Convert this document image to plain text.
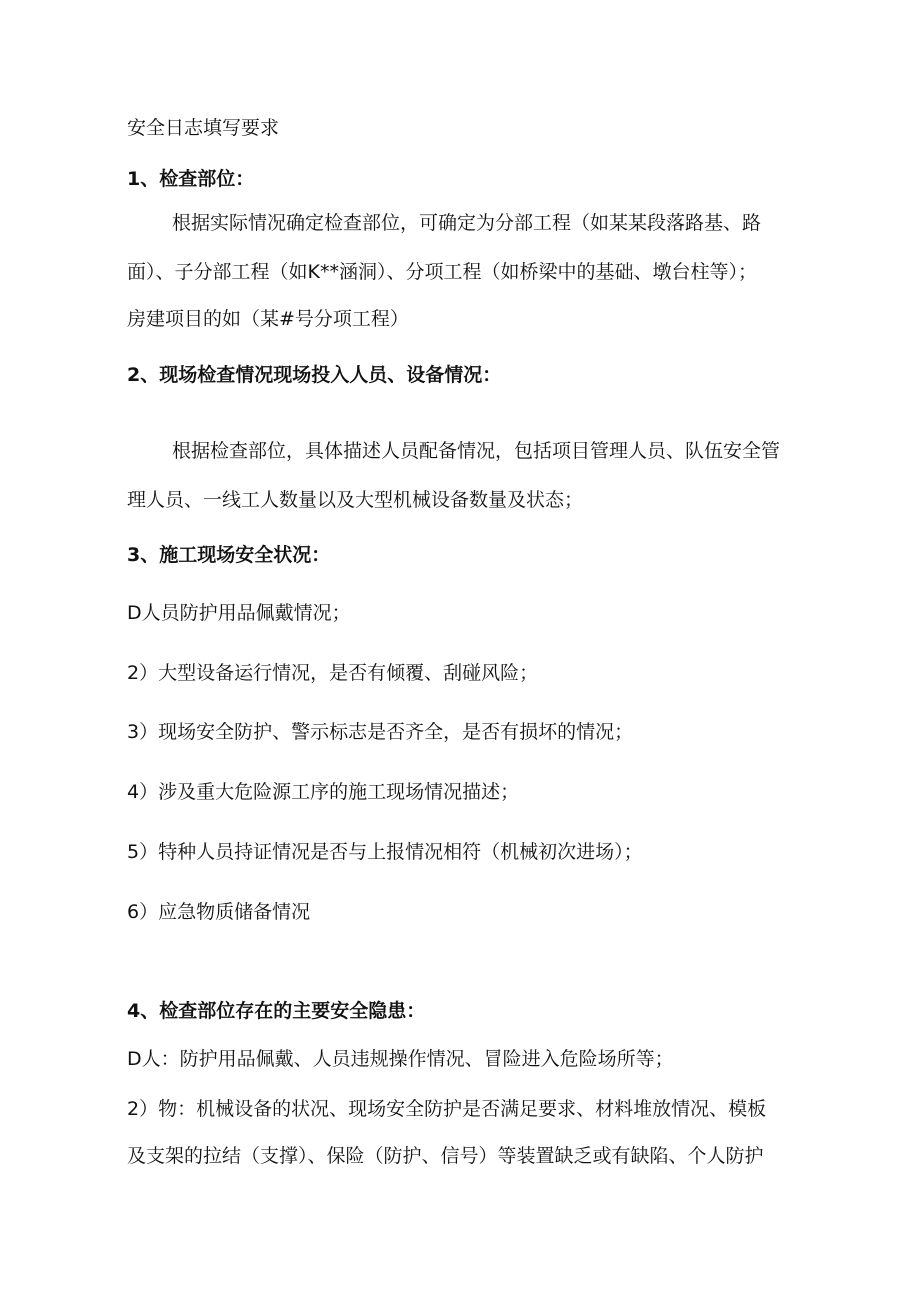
安全日志填写要求
1、检查部位：
根据实际情况确定检查部位，可确定为分部工程（如某某段落路基、路
面）、子分部工程（如K**涵洞）、分项工程（如桥梁中的基础、墩台柱等）；
房建项目的如（某#号分项工程）
2、现场检查情况现场投入人员、设备情况：
根据检查部位，具体描述人员配备情况，包括项目管理人员、队伍安全管
理人员、一线工人数量以及大型机械设备数量及状态；
3、施工现场安全状况：
D人员防护用品佩戴情况；
2）大型设备运行情况，是否有倾覆、刮碰风险；
3）现场安全防护、警示标志是否齐全，是否有损坏的情况；
4）涉及重大危险源工序的施工现场情况描述；
5）特种人员持证情况是否与上报情况相符（机械初次进场）；
6）应急物质储备情况
4、检查部位存在的主要安全隐患：
D人：防护用品佩戴、人员违规操作情况、冒险进入危险场所等；
2）物：机械设备的状况、现场安全防护是否满足要求、材料堆放情况、模板
及支架的拉结（支撑）、保险（防护、信号）等装置缺乏或有缺陷、个人防护
